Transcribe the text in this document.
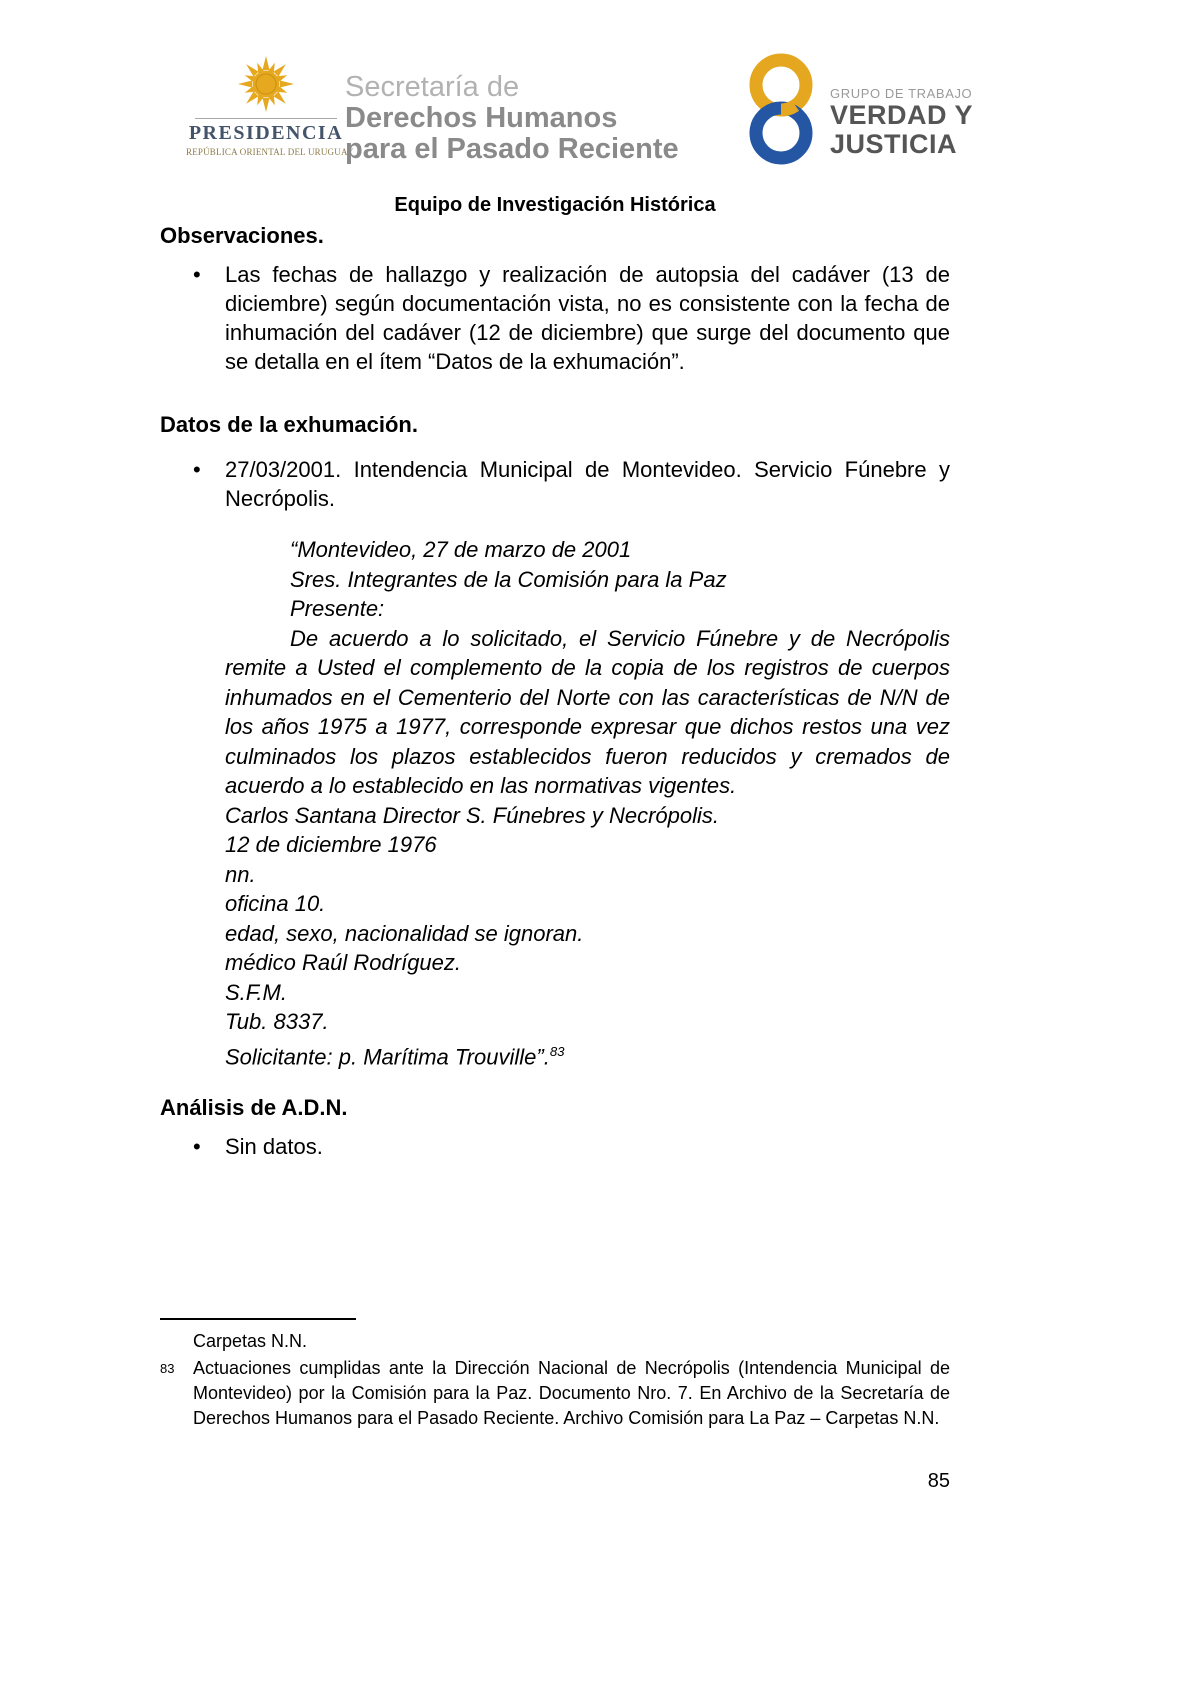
PRESIDENCIA
REPÚBLICA ORIENTAL DEL URUGUAY
Secretaría de
Derechos Humanos
para el Pasado Reciente
GRUPO DE TRABAJO
VERDAD Y
JUSTICIA
Equipo de Investigación Histórica
Observaciones.
•	Las fechas de hallazgo y realización de autopsia del cadáver (13 de diciembre) según documentación vista, no es consistente con la fecha de inhumación del cadáver (12 de diciembre) que surge del documento que se detalla en el ítem “Datos de la exhumación”.
Datos de la exhumación.
•	27/03/2001. Intendencia Municipal de Montevideo. Servicio Fúnebre y Necrópolis.
“Montevideo, 27 de marzo de 2001
Sres. Integrantes de la Comisión para la Paz
Presente:

De acuerdo a lo solicitado, el Servicio Fúnebre y de Necrópolis remite a Usted el complemento de la copia de los registros de cuerpos inhumados en el Cementerio del Norte con las características de N/N de los años 1975 a 1977, corresponde expresar que dichos restos una vez culminados los plazos establecidos fueron reducidos y cremados de acuerdo a lo establecido en las normativas vigentes.

Carlos Santana Director S. Fúnebres y Necrópolis.
12 de diciembre 1976
nn.
oficina 10.
edad, sexo, nacionalidad se ignoran.
médico Raúl Rodríguez.
S.F.M.
Tub. 8337.
Solicitante: p. Marítima Trouville”.$^{83}$
Análisis de A.D.N.
•	Sin datos.
Carpetas N.N.
83	Actuaciones cumplidas ante la Dirección Nacional de Necrópolis (Intendencia Municipal de Montevideo) por la Comisión para la Paz. Documento Nro. 7. En Archivo de la Secretaría de Derechos Humanos para el Pasado Reciente. Archivo Comisión para La Paz – Carpetas N.N.
85
